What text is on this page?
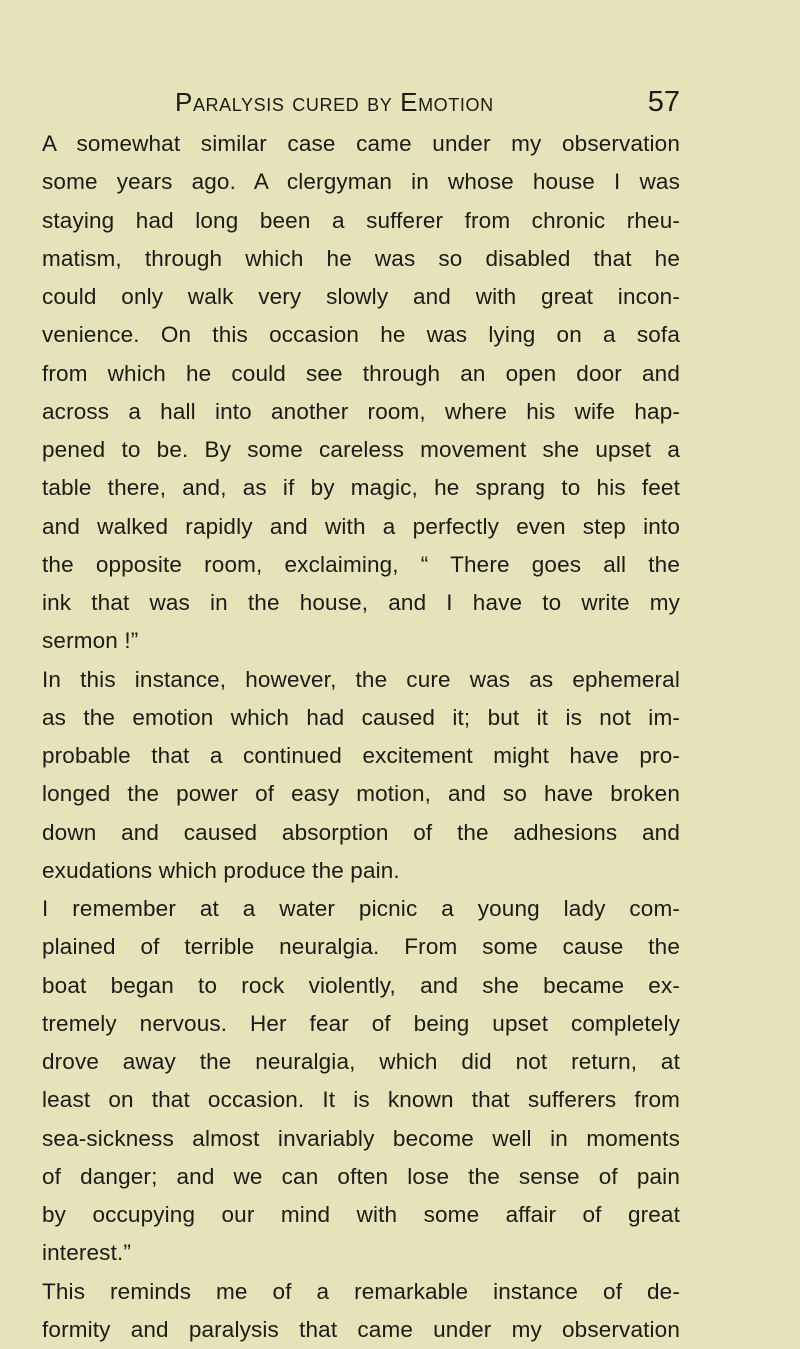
Paralysis cured by Emotion	57
A somewhat similar case came under my observation
some years ago. A clergyman in whose house I was
staying had long been a sufferer from chronic rheu-
matism, through which he was so disabled that he
could only walk very slowly and with great incon-
venience. On this occasion he was lying on a sofa
from which he could see through an open door and
across a hall into another room, where his wife hap-
pened to be. By some careless movement she upset a
table there, and, as if by magic, he sprang to his feet
and walked rapidly and with a perfectly even step into
the opposite room, exclaiming, “ There goes all the
ink that was in the house, and I have to write my
sermon !”
In this instance, however, the cure was as ephemeral
as the emotion which had caused it; but it is not im-
probable that a continued excitement might have pro-
longed the power of easy motion, and so have broken
down and caused absorption of the adhesions and
exudations which produce the pain.
I remember at a water picnic a young lady com-
plained of terrible neuralgia. From some cause the
boat began to rock violently, and she became ex-
tremely nervous. Her fear of being upset completely
drove away the neuralgia, which did not return, at
least on that occasion. It is known that sufferers from
sea-sickness almost invariably become well in moments
of danger; and we can often lose the sense of pain
by occupying our mind with some affair of great
interest.”
This reminds me of a remarkable instance of de-
formity and paralysis that came under my observation
